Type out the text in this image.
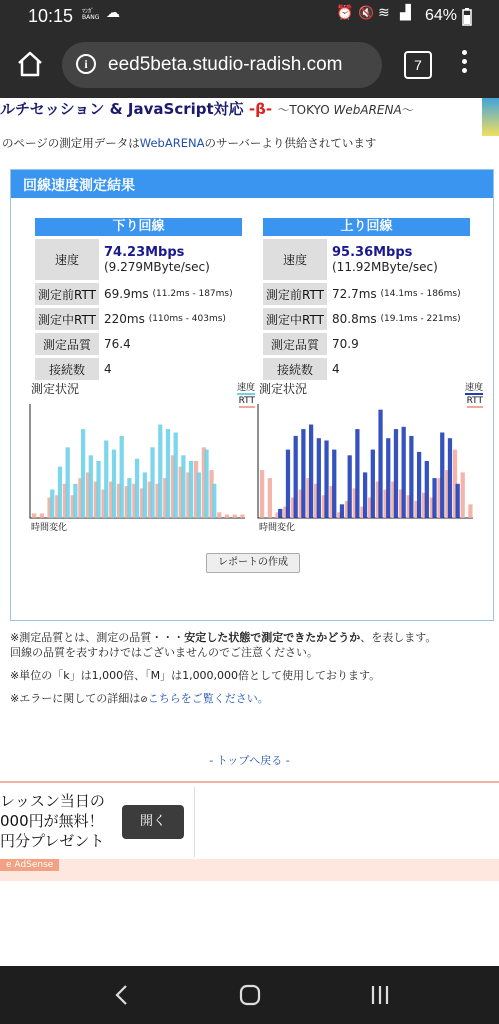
10:15 ﾏﾝｶﾞ BANG ☁	⏰ 🔇 ≋ ▟ 64%
i	eed5beta.studio-radish.com	7
ルチセッション & JavaScript対応 -β- 〜TOKYO WebARENA〜
のページの測定用データはWebARENAのサーバーより供給されています
回線速度測定結果
下り回線
速度	74.23Mbps
(9.279MByte/sec)
測定前RTT 69.9ms
(11.2ms - 187ms)
測定中RTT 220ms
(110ms - 403ms)
測定品質	76.4
接続数	4
上り回線
速度	95.36Mbps
(11.92MByte/sec)
測定前RTT 72.7ms
(14.1ms - 186ms)
測定中RTT 80.8ms
(19.1ms - 221ms)
測定品質	70.9
接続数	4
測定状況	速度
RTT
時間変化
測定状況	速度
RTT
時間変化
レポートの作成

※測定品質とは、測定の品質・・・安定した状態で測定できたかどうか、を表します。
回線の品質を表すわけではございませんのでご注意ください。

※単位の「k」は1,000倍、「M」は1,000,000倍として使用しております。

※エラーに関しての詳細は⊘こちらをご覧ください。

- トップへ戻る -
レッスン当日の
000円が無料！
円分プレゼント
開く
e AdSense
